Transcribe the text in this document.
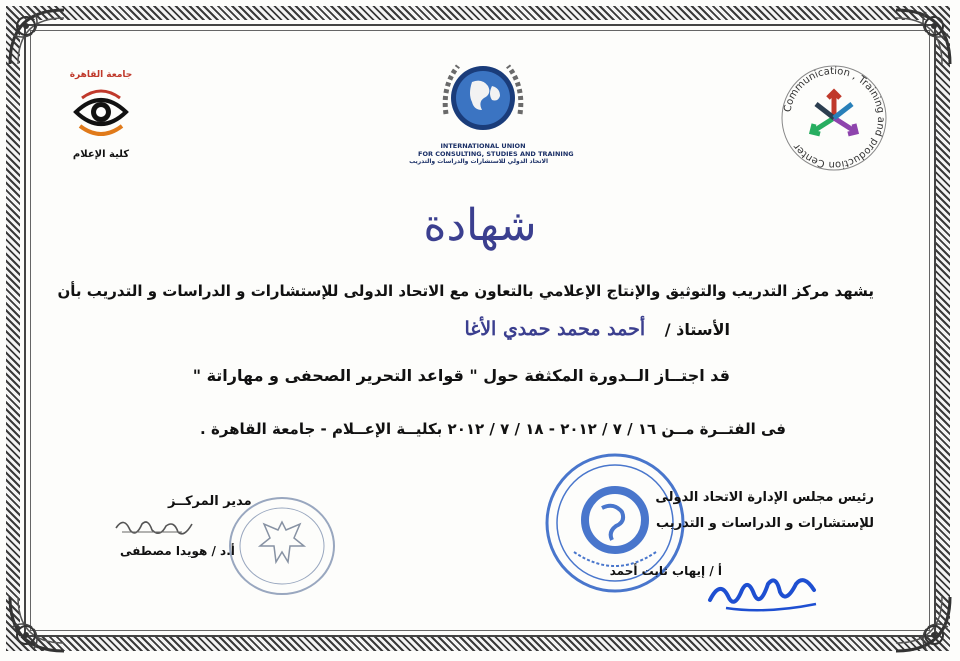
جامعة القاهرة
كلية الإعلام
INTERNATIONAL UNION
FOR CONSULTING, STUDIES AND TRAINING
الاتحاد الدولي للاستشارات والدراسات والتدريب
Communication , Training and production Center
شهادة
يشهد مركز التدريب والتوثيق والإنتاج الإعلامي بالتعاون مع الاتحاد الدولى للإستشارات و الدراسات و التدريب بأن
الأستاذ / أحمد محمد حمدي الأغا
قد اجتــاز الــدورة المكثفة حول " قواعد التحرير الصحفى و مهاراتة "
فى الفتــرة مــن ١٦ / ٧ / ٢٠١٢ - ١٨ / ٧ / ٢٠١٢ بكليــة الإعــلام - جامعة القاهرة .
رئيس مجلس الإدارة الاتحاد الدولى
للإستشارات و الدراسات و التدريب
أ / إيهاب ثابت أحمد
مدير المركــز
أ.د / هويدا مصطفى
